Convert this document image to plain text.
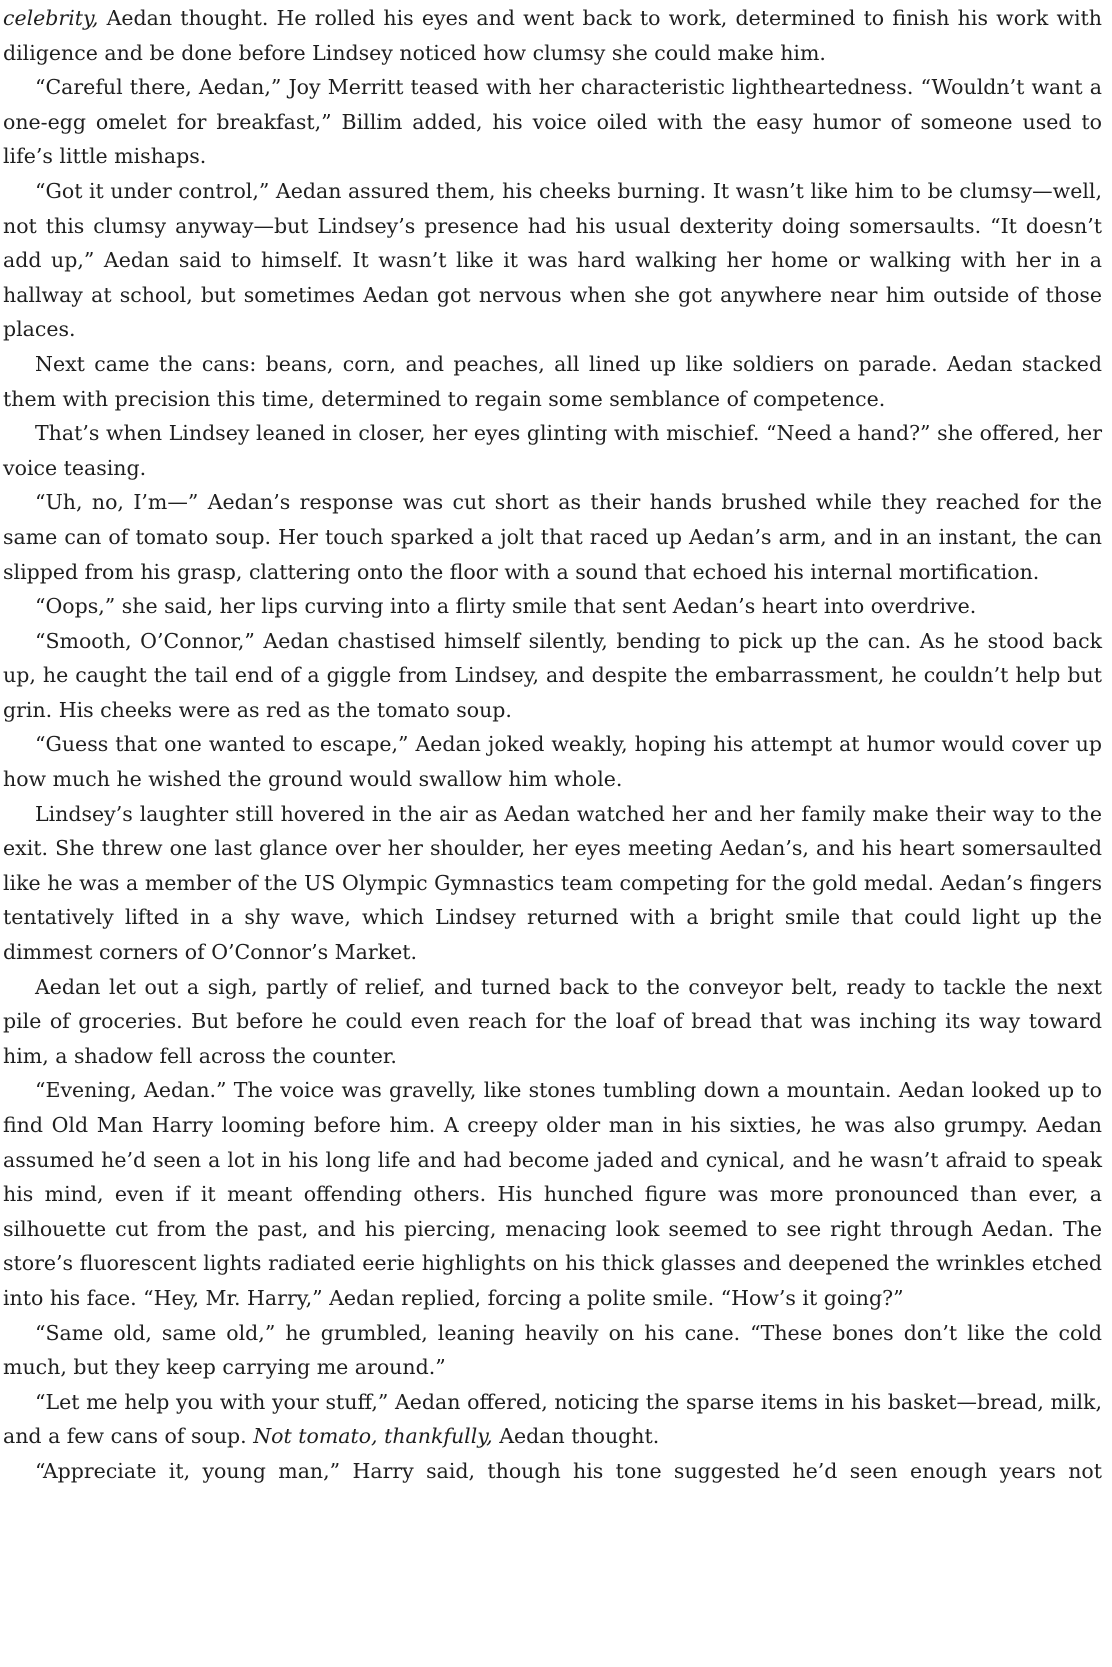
celebrity, Aedan thought. He rolled his eyes and went back to work, determined to finish his work with diligence and be done before Lindsey noticed how clumsy she could make him.

“Careful there, Aedan,” Joy Merritt teased with her characteristic lightheartedness. “Wouldn’t want a one-egg omelet for breakfast,” Billim added, his voice oiled with the easy humor of someone used to life’s little mishaps.

“Got it under control,” Aedan assured them, his cheeks burning. It wasn’t like him to be clumsy—well, not this clumsy anyway—but Lindsey’s presence had his usual dexterity doing somersaults. “It doesn’t add up,” Aedan said to himself. It wasn’t like it was hard walking her home or walking with her in a hallway at school, but sometimes Aedan got nervous when she got anywhere near him outside of those places.

Next came the cans: beans, corn, and peaches, all lined up like soldiers on parade. Aedan stacked them with precision this time, determined to regain some semblance of competence.

That’s when Lindsey leaned in closer, her eyes glinting with mischief. “Need a hand?” she offered, her voice teasing.

“Uh, no, I’m—” Aedan’s response was cut short as their hands brushed while they reached for the same can of tomato soup. Her touch sparked a jolt that raced up Aedan’s arm, and in an instant, the can slipped from his grasp, clattering onto the floor with a sound that echoed his internal mortification.

“Oops,” she said, her lips curving into a flirty smile that sent Aedan’s heart into overdrive.

“Smooth, O’Connor,” Aedan chastised himself silently, bending to pick up the can. As he stood back up, he caught the tail end of a giggle from Lindsey, and despite the embarrassment, he couldn’t help but grin. His cheeks were as red as the tomato soup.

“Guess that one wanted to escape,” Aedan joked weakly, hoping his attempt at humor would cover up how much he wished the ground would swallow him whole.

Lindsey’s laughter still hovered in the air as Aedan watched her and her family make their way to the exit. She threw one last glance over her shoulder, her eyes meeting Aedan’s, and his heart somersaulted like he was a member of the US Olympic Gymnastics team competing for the gold medal. Aedan’s fingers tentatively lifted in a shy wave, which Lindsey returned with a bright smile that could light up the dimmest corners of O’Connor’s Market.

Aedan let out a sigh, partly of relief, and turned back to the conveyor belt, ready to tackle the next pile of groceries. But before he could even reach for the loaf of bread that was inching its way toward him, a shadow fell across the counter.

“Evening, Aedan.” The voice was gravelly, like stones tumbling down a mountain. Aedan looked up to find Old Man Harry looming before him. A creepy older man in his sixties, he was also grumpy. Aedan assumed he’d seen a lot in his long life and had become jaded and cynical, and he wasn’t afraid to speak his mind, even if it meant offending others. His hunched figure was more pronounced than ever, a silhouette cut from the past, and his piercing, menacing look seemed to see right through Aedan. The store’s fluorescent lights radiated eerie highlights on his thick glasses and deepened the wrinkles etched into his face. “Hey, Mr. Harry,” Aedan replied, forcing a polite smile. “How’s it going?”

“Same old, same old,” he grumbled, leaning heavily on his cane. “These bones don’t like the cold much, but they keep carrying me around.”

“Let me help you with your stuff,” Aedan offered, noticing the sparse items in his basket—bread, milk, and a few cans of soup. Not tomato, thankfully, Aedan thought.

“Appreciate it, young man,” Harry said, though his tone suggested he’d seen enough years not
